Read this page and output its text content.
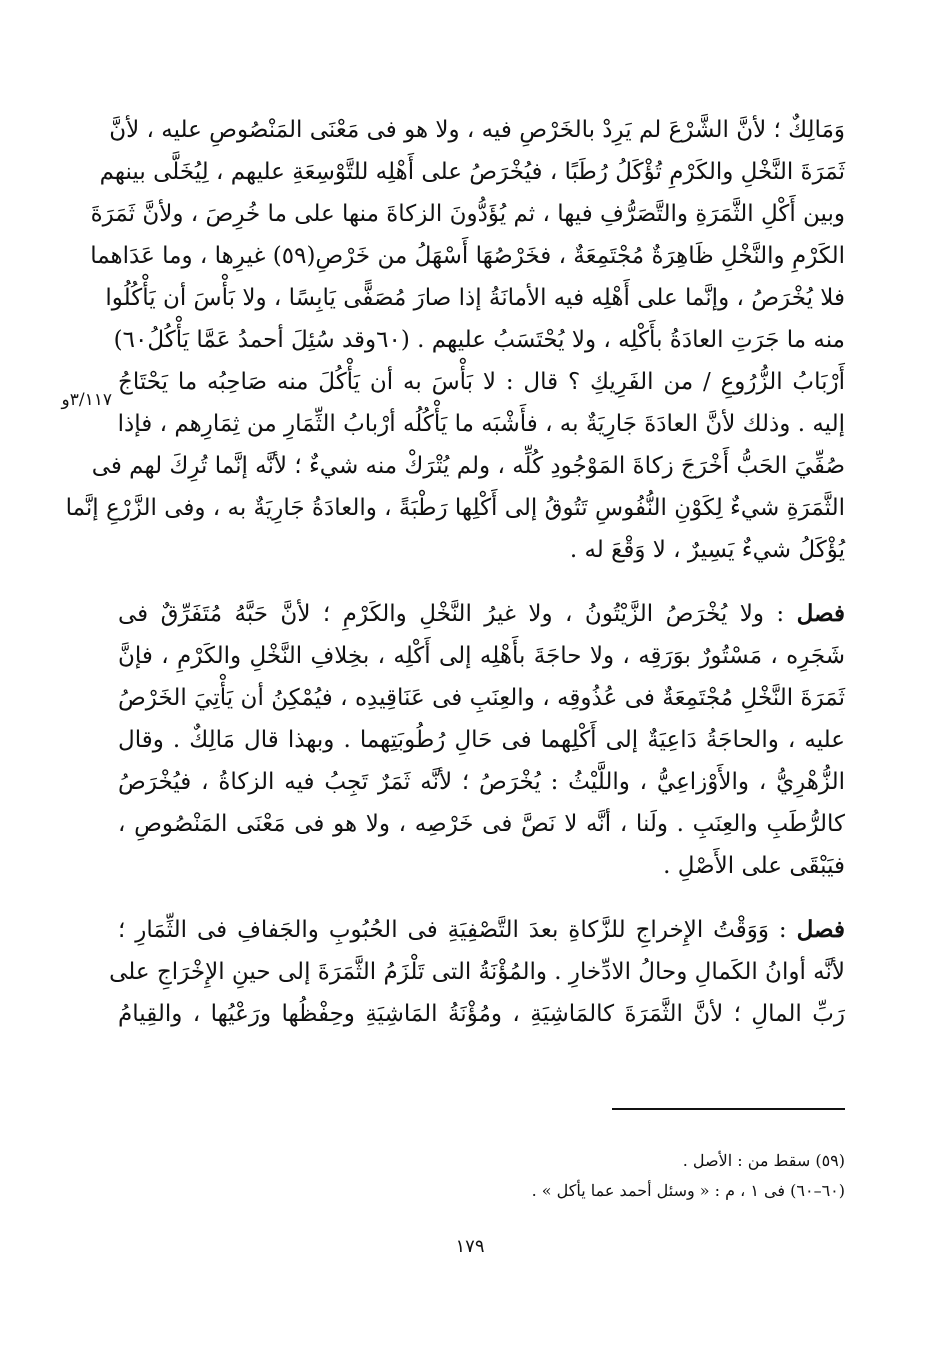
وَمَالِكٌ ؛ لأنَّ الشَّرْعَ لم يَرِدْ بالخَرْصِ فيه ، ولا هو فى مَعْنَى المَنْصُوصِ عليه ، لأنَّ
ثَمَرَةَ النَّخْلِ والكَرْمِ تُؤْكَلُ رُطَبًا ، فيُخْرَصُ على أَهْلِه للتَّوْسِعَةِ عليهم ، لِيُخَلَّى بينهم
وبين أَكْلِ الثَّمَرَةِ والتَّصَرُّفِ فيها ، ثم يُؤَدُّونَ الزكاةَ منها على ما خُرِصَ ، ولأنَّ ثَمَرَةَ
الكَرْمِ والنَّخْلِ ظَاهِرَةٌ مُجْتَمِعَةٌ ، فخَرْصُهَا أَسْهَلُ من خَرْصِ(٥٩) غيرِها ، وما عَدَاهما
فلا يُخْرَصُ ، وإنَّما على أَهْلِه فيه الأمانَةُ إذا صارَ مُصَفًّى يَابِسًا ، ولا بَأْسَ أن يَأْكُلُوا
منه ما جَرَتِ العادَةُ بأَكْلِه ، ولا يُحْتَسَبُ عليهم . (٦٠وقد سُئِلَ أحمدُ عَمَّا يَأْكُلُ٦٠)
أَرْبَابُ الزُّرُوعِ / من الفَرِيكِ ؟ قال : لا بَأْسَ به أن يَأْكُلَ منه صَاحِبُه ما يَحْتَاجُ
إليه . وذلك لأنَّ العادَةَ جَارِيَةٌ به ، فأَشْبَه ما يَأْكُلُه أرْبابُ الثِّمَارِ من ثِمَارِهم ، فإذا
صُفِّيَ الحَبُّ أَخْرَجَ زكاةَ المَوْجُودِ كُلِّه ، ولم يُتْرَكْ منه شيءٌ ؛ لأنَّه إنَّما تُرِكَ لهم فى
الثَّمَرَةِ شيءٌ لِكَوْنِ النُّفُوسِ تَتُوقُ إلى أَكْلِها رَطْبَةً ، والعادَةُ جَارِيَةٌ به ، وفى الزَّرْعِ إنَّما
يُؤْكَلُ شيءٌ يَسِيرٌ ، لا وَقْعَ له .
فصل : ولا يُخْرَصُ الزَّيْتُونُ ، ولا غيرُ النَّخْلِ والكَرْمِ ؛ لأنَّ حَبَّهُ مُتَفَرِّقٌ فى
شَجَرِه ، مَسْتُورٌ بوَرَقِه ، ولا حاجَةَ بأَهْلِه إلى أَكْلِه ، بخِلافِ النَّخْلِ والكَرْمِ ، فإنَّ
ثَمَرَةَ النَّخْلِ مُجْتَمِعَةٌ فى عُذُوقِه ، والعِنَبِ فى عَنَاقِيدِه ، فيُمْكِنُ أن يَأْتِيَ الخَرْصُ
عليه ، والحاجَةُ دَاعِيَةٌ إلى أَكْلِهما فى حَالِ رُطُوبَتِهما . وبهذا قال مَالِكٌ . وقال
الزُّهْرِيُّ ، والأَوْزاعِيُّ ، واللَّيْثُ : يُخْرَصُ ؛ لأنَّه ثَمَرٌ تَجِبُ فيه الزكاةُ ، فيُخْرَصُ
كالرُّطَبِ والعِنَبِ . ولَنا ، أنَّه لا نَصَّ فى خَرْصِه ، ولا هو فى مَعْنَى المَنْصُوصِ ،
فيَبْقَى على الأَصْلِ .
فصل : وَوَقْتُ الإِخراجِ للزَّكاةِ بعدَ التَّصْفِيَةِ فى الحُبُوبِ والجَفافِ فى الثِّمَارِ ؛
لأنَّه أوانُ الكَمالِ وحالُ الادِّخارِ . والمُؤْنَةُ التى تَلْزَمُ الثَّمَرَةَ إلى حينِ الإِخْرَاجِ على
رَبِّ المالِ ؛ لأنَّ الثَّمَرَةَ كالمَاشِيَةِ ، ومُؤْنَةُ المَاشِيَةِ وحِفْظُها ورَعْيُها ، والقِيامُ
٣/١١٧و
(٥٩) سقط من : الأصل .
(٦٠–٦٠) فى ١ ، م : « وسئل أحمد عما يأكل » .
١٧٩
